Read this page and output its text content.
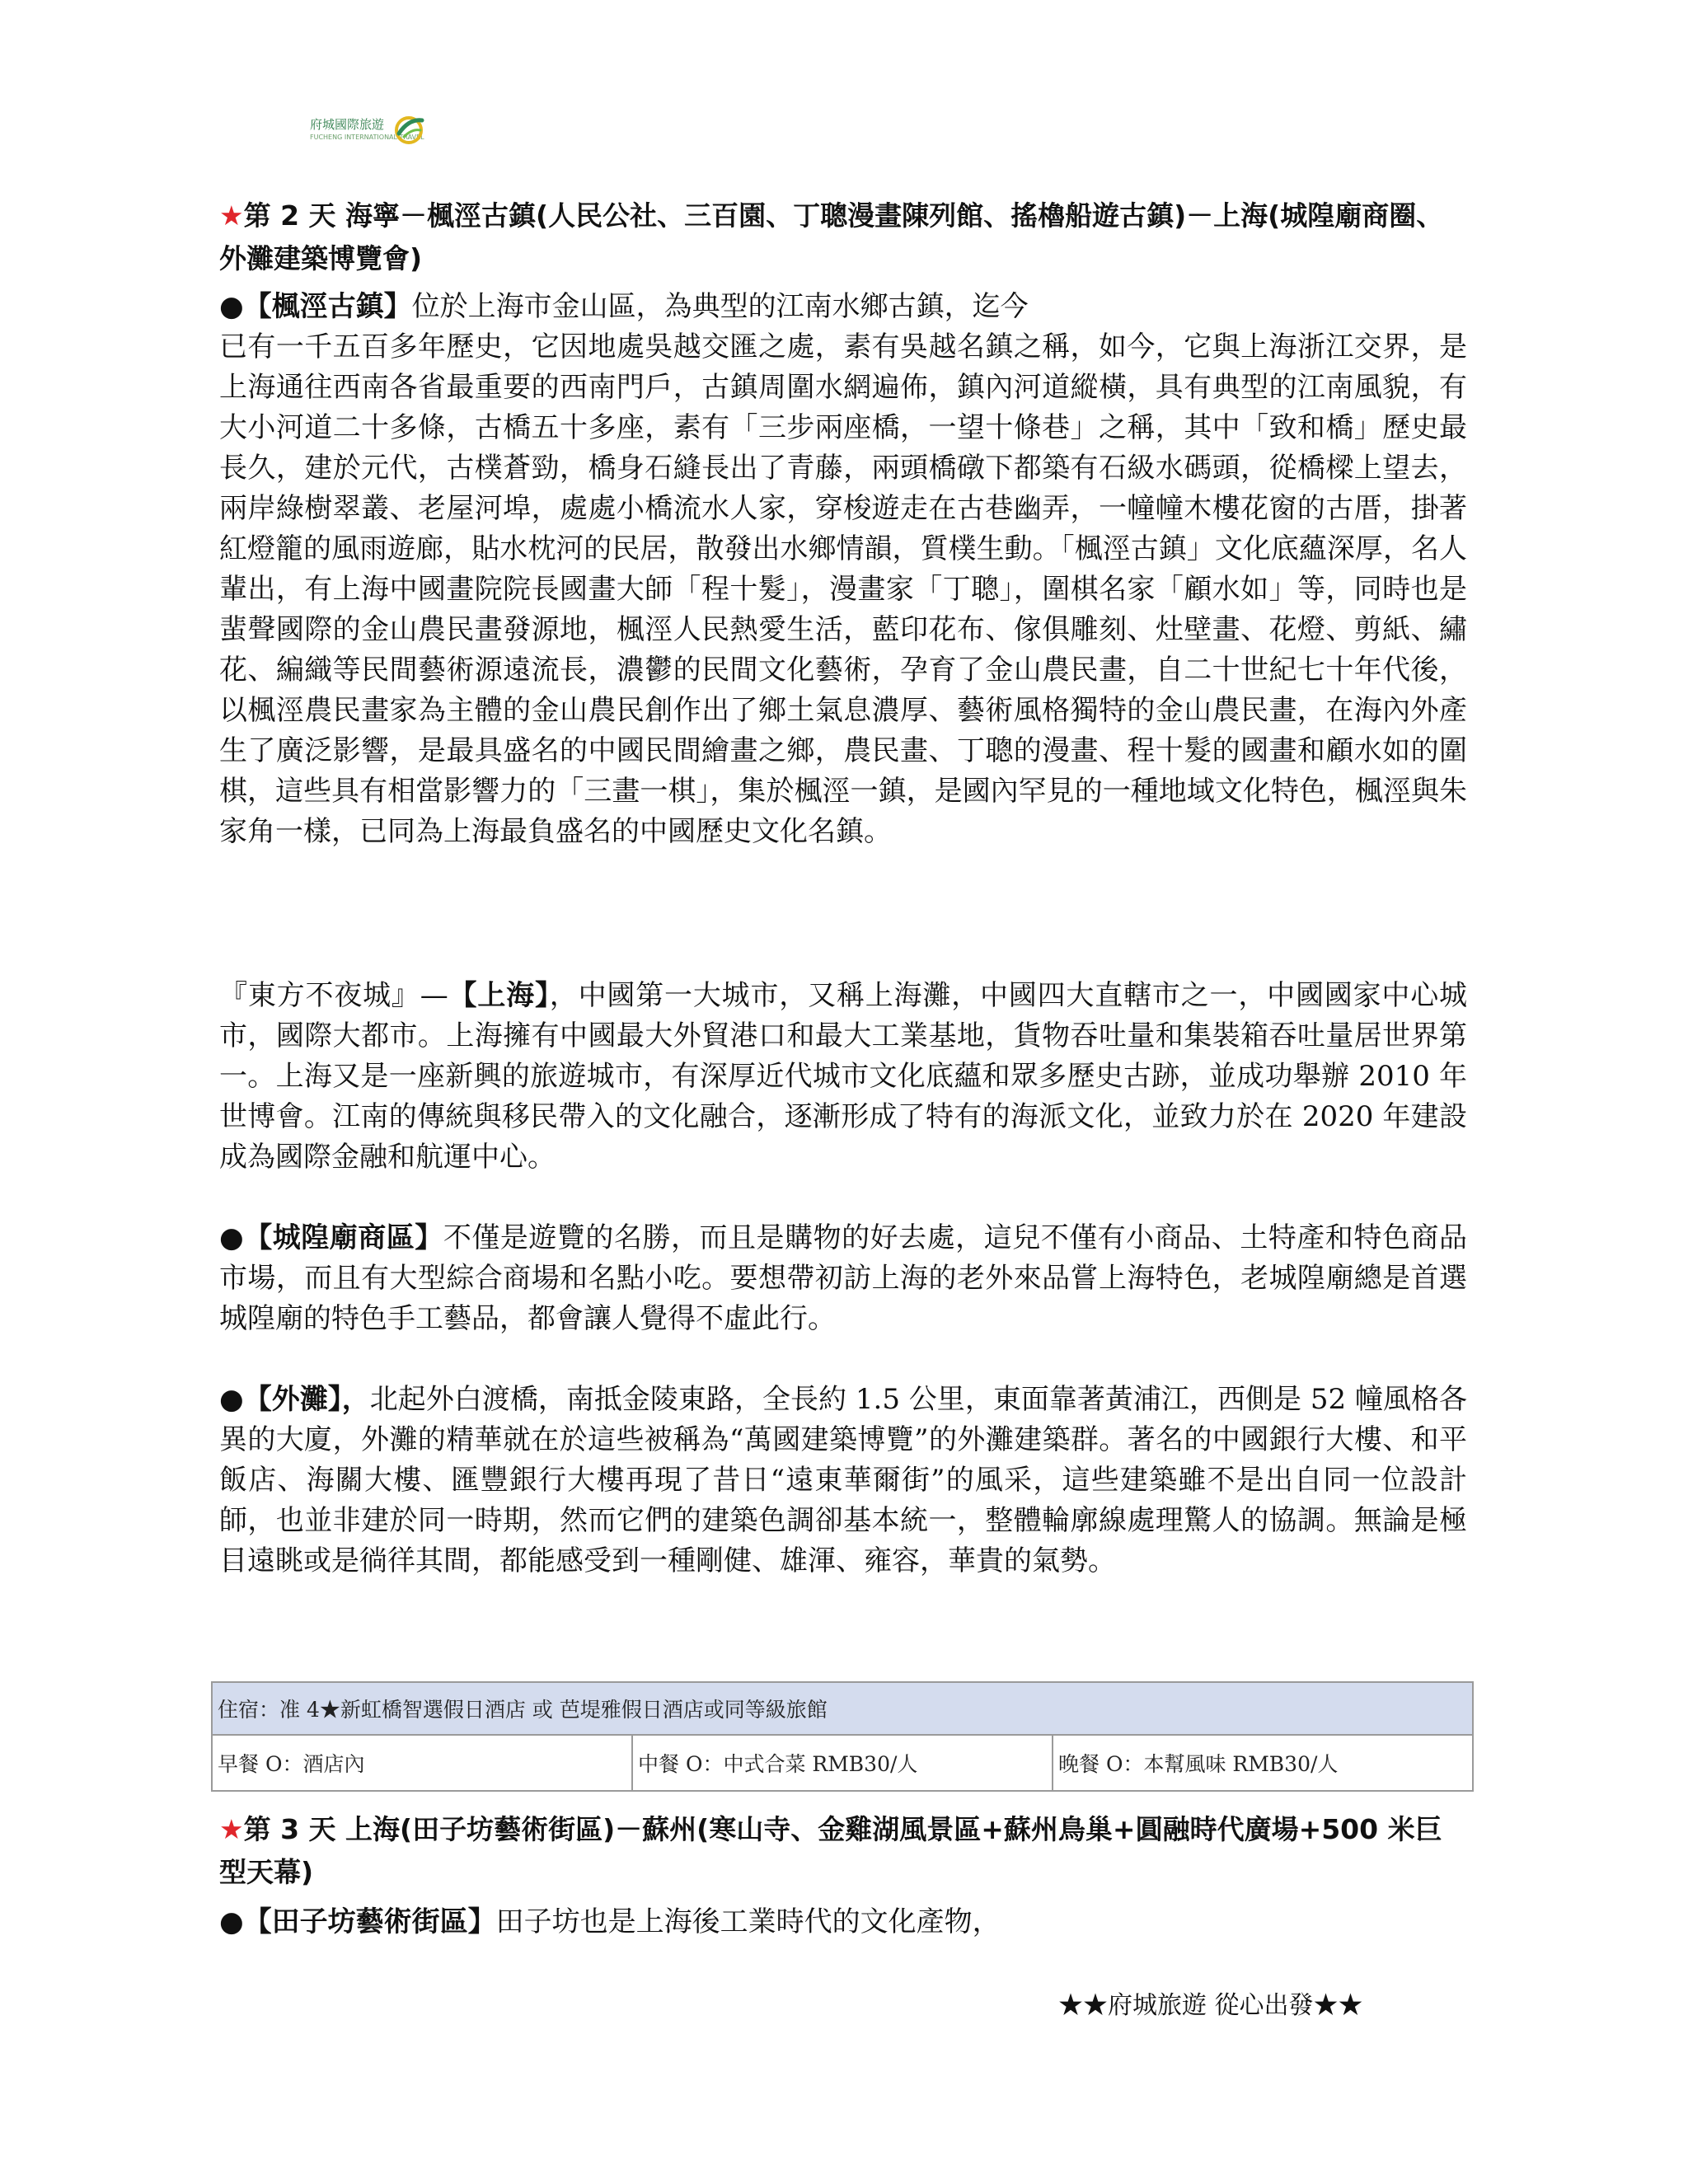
府城國際旅遊
FUCHENG INTERNATIONAL TRAVEL
★第 2 天 海寧－楓涇古鎮(人民公社、三百園、丁聰漫畫陳列館、搖櫓船遊古鎮)－上海(城隍廟商圈、外灘建築博覽會)
●【楓涇古鎮】位於上海市金山區，為典型的江南水鄉古鎮，迄今
已有一千五百多年歷史，它因地處吳越交匯之處，素有吳越名鎮之稱，如今，它與上海浙江交界，是上海通往西南各省最重要的西南門戶，古鎮周圍水網遍佈，鎮內河道縱橫，具有典型的江南風貌，有大小河道二十多條，古橋五十多座，素有「三步兩座橋，一望十條巷」之稱，其中「致和橋」歷史最長久，建於元代，古樸蒼勁，橋身石縫長出了青藤，兩頭橋礅下都築有石級水碼頭，從橋樑上望去，兩岸綠樹翠叢、老屋河埠，處處小橋流水人家，穿梭遊走在古巷幽弄，一幢幢木樓花窗的古厝，掛著紅燈籠的風雨遊廊，貼水枕河的民居，散發出水鄉情韻，質樸生動。「楓涇古鎮」文化底蘊深厚，名人輩出，有上海中國畫院院長國畫大師「程十髮」，漫畫家「丁聰」，圍棋名家「顧水如」等，同時也是蜚聲國際的金山農民畫發源地，楓涇人民熱愛生活，藍印花布、傢俱雕刻、灶壁畫、花燈、剪紙、繡花、編織等民間藝術源遠流長，濃鬱的民間文化藝術，孕育了金山農民畫，自二十世紀七十年代後，以楓涇農民畫家為主體的金山農民創作出了鄉土氣息濃厚、藝術風格獨特的金山農民畫，在海內外產生了廣泛影響，是最具盛名的中國民間繪畫之鄉，農民畫、丁聰的漫畫、程十髮的國畫和顧水如的圍棋，這些具有相當影響力的「三畫一棋」，集於楓涇一鎮，是國內罕見的一種地域文化特色，楓涇與朱家角一樣，已同為上海最負盛名的中國歷史文化名鎮。
『東方不夜城』—【上海】，中國第一大城市，又稱上海灘，中國四大直轄市之一，中國國家中心城市，國際大都市。上海擁有中國最大外貿港口和最大工業基地，貨物吞吐量和集裝箱吞吐量居世界第一。上海又是一座新興的旅遊城市，有深厚近代城市文化底蘊和眾多歷史古跡，並成功舉辦 2010 年世博會。江南的傳統與移民帶入的文化融合，逐漸形成了特有的海派文化，並致力於在 2020 年建設成為國際金融和航運中心。
●【城隍廟商區】不僅是遊覽的名勝，而且是購物的好去處，這兒不僅有小商品、土特產和特色商品市場，而且有大型綜合商場和名點小吃。要想帶初訪上海的老外來品嘗上海特色，老城隍廟總是首選城隍廟的特色手工藝品，都會讓人覺得不虛此行。
●【外灘】，北起外白渡橋，南抵金陵東路，全長約 1.5 公里，東面靠著黃浦江，西側是 52 幢風格各異的大廈，外灘的精華就在於這些被稱為“萬國建築博覽”的外灘建築群。著名的中國銀行大樓、和平飯店、海關大樓、匯豐銀行大樓再現了昔日“遠東華爾街”的風采，這些建築雖不是出自同一位設計師，也並非建於同一時期，然而它們的建築色調卻基本統一，整體輪廓線處理驚人的協調。無論是極目遠眺或是徜徉其間，都能感受到一種剛健、雄渾、雍容，華貴的氣勢。
住宿：准 4★新虹橋智選假日酒店 或 芭堤雅假日酒店或同等級旅館
早餐 O：酒店內	中餐 O：中式合菜 RMB30/人	晚餐 O：本幫風味 RMB30/人
★第 3 天 上海(田子坊藝術街區)－蘇州(寒山寺、金雞湖風景區+蘇州鳥巢+圓融時代廣場+500 米巨型天幕)
●【田子坊藝術街區】田子坊也是上海後工業時代的文化產物，
★★府城旅遊 從心出發★★
